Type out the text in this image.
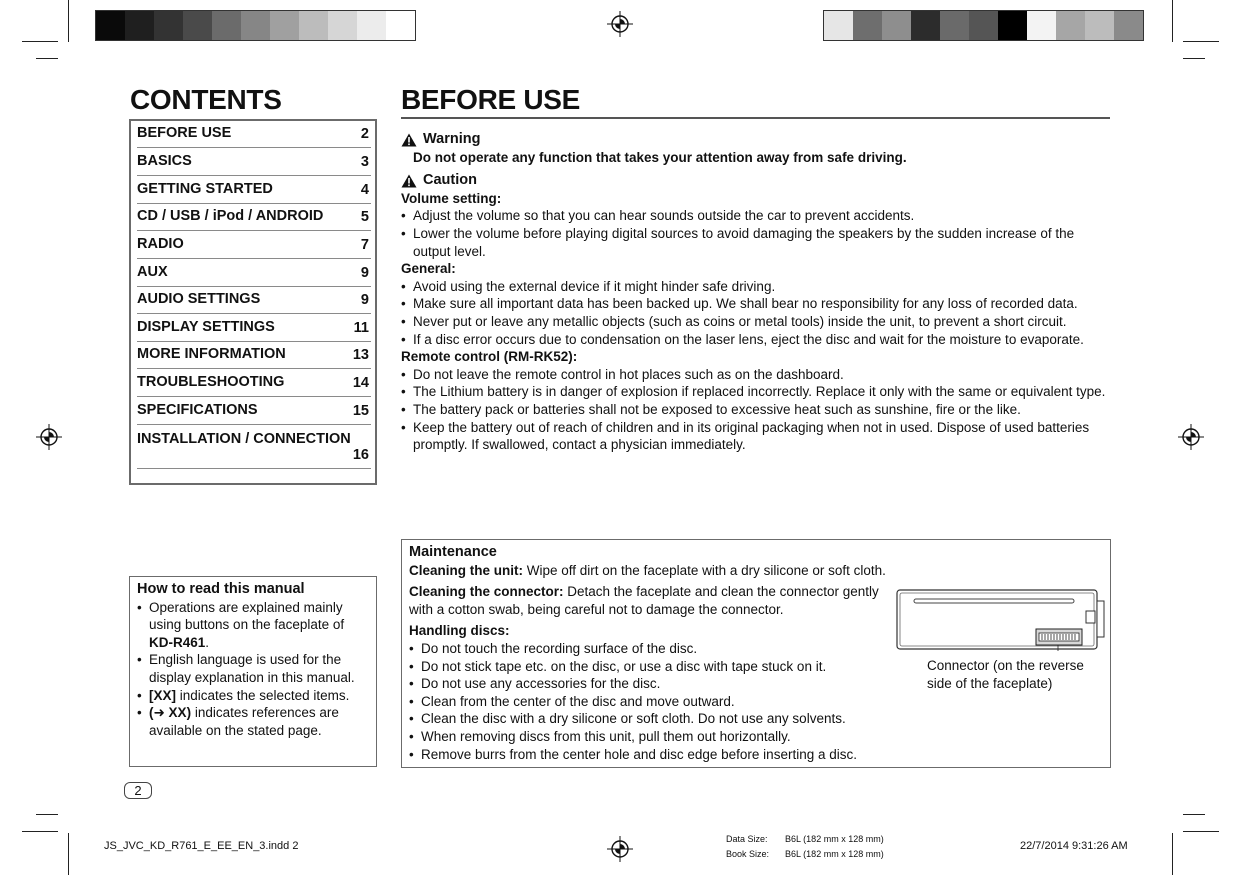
CONTENTS
BEFORE USE	2
BASICS	3
GETTING STARTED	4
CD / USB / iPod / ANDROID	5
RADIO	7
AUX	9
AUDIO SETTINGS	9
DISPLAY SETTINGS	11
MORE INFORMATION	13
TROUBLESHOOTING	14
SPECIFICATIONS	15
INSTALLATION / CONNECTION
16
How to read this manual
• Operations are explained mainly using buttons on the faceplate of KD-R461.
• English language is used for the display explanation in this manual.
• [XX] indicates the selected items.
• (➜ XX) indicates references are available on the stated page.
BEFORE USE
Warning
Do not operate any function that takes your attention away from safe driving.
Caution
Volume setting:
• Adjust the volume so that you can hear sounds outside the car to prevent accidents.
• Lower the volume before playing digital sources to avoid damaging the speakers by the sudden increase of the output level.
General:
• Avoid using the external device if it might hinder safe driving.
• Make sure all important data has been backed up. We shall bear no responsibility for any loss of recorded data.
• Never put or leave any metallic objects (such as coins or metal tools) inside the unit, to prevent a short circuit.
• If a disc error occurs due to condensation on the laser lens, eject the disc and wait for the moisture to evaporate.
Remote control (RM-RK52):
• Do not leave the remote control in hot places such as on the dashboard.
• The Lithium battery is in danger of explosion if replaced incorrectly. Replace it only with the same or equivalent type.
• The battery pack or batteries shall not be exposed to excessive heat such as sunshine, fire or the like.
• Keep the battery out of reach of children and in its original packaging when not in used. Dispose of used batteries promptly. If swallowed, contact a physician immediately.
Maintenance
Cleaning the unit: Wipe off dirt on the faceplate with a dry silicone or soft cloth.
Cleaning the connector: Detach the faceplate and clean the connector gently with a cotton swab, being careful not to damage the connector.
Handling discs:
• Do not touch the recording surface of the disc.
• Do not stick tape etc. on the disc, or use a disc with tape stuck on it.
• Do not use any accessories for the disc.
• Clean from the center of the disc and move outward.
• Clean the disc with a dry silicone or soft cloth. Do not use any solvents.
• When removing discs from this unit, pull them out horizontally.
• Remove burrs from the center hole and disc edge before inserting a disc.
Connector (on the reverse side of the faceplate)
2
JS_JVC_KD_R761_E_EE_EN_3.indd 2
Data Size: B6L (182 mm x 128 mm)
Book Size: B6L (182 mm x 128 mm)
22/7/2014 9:31:26 AM
